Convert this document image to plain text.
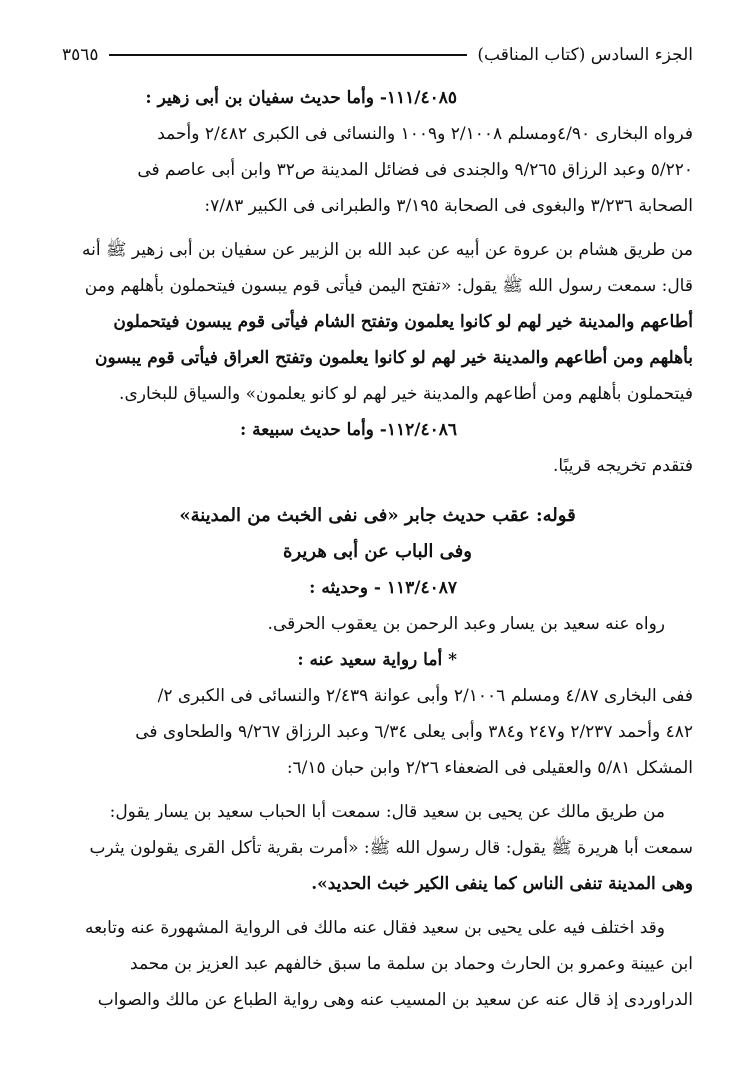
الجزء السادس (كتاب المناقب)
٣٥٦٥
١١١/٤٠٨٥- وأما حديث سفيان بن أبى زهير :
فرواه البخارى ٤/٩٠ومسلم ٢/١٠٠٨ و١٠٠٩ والنسائى فى الكبرى ٢/٤٨٢ وأحمد
٥/٢٢٠ وعبد الرزاق ٩/٢٦٥ والجندى فى فضائل المدينة ص٣٢ وابن أبى عاصم فى
الصحابة ٣/٢٣٦ والبغوى فى الصحابة ٣/١٩٥ والطبرانى فى الكبير ٧/٨٣:
من طريق هشام بن عروة عن أبيه عن عبد الله بن الزبير عن سفيان بن أبى زهير ﷺ أنه
قال: سمعت رسول الله ﷺ يقول: «تفتح اليمن فيأتى قوم يبسون فيتحملون بأهلهم ومن
أطاعهم والمدينة خير لهم لو كانوا يعلمون وتفتح الشام فيأتى قوم يبسون فيتحملون
بأهلهم ومن أطاعهم والمدينة خير لهم لو كانوا يعلمون وتفتح العراق فيأتى قوم يبسون
فيتحملون بأهلهم ومن أطاعهم والمدينة خير لهم لو كانو يعلمون» والسياق للبخارى.
١١٢/٤٠٨٦- وأما حديث سبيعة :
فتقدم تخريجه قريبًا.
قوله: عقب حديث جابر «فى نفى الخبث من المدينة»
وفى الباب عن أبى هريرة
١١٣/٤٠٨٧ - وحديثه :
رواه عنه سعيد بن يسار وعبد الرحمن بن يعقوب الحرقى.
* أما رواية سعيد عنه :
ففى البخارى ٤/٨٧ ومسلم ٢/١٠٠٦ وأبى عوانة ٢/٤٣٩ والنسائى فى الكبرى ٢/
٤٨٢ وأحمد ٢/٢٣٧ و٢٤٧ و٣٨٤ وأبى يعلى ٦/٣٤ وعبد الرزاق ٩/٢٦٧ والطحاوى فى
المشكل ٥/٨١ والعقيلى فى الضعفاء ٢/٢٦ وابن حبان ٦/١٥:
من طريق مالك عن يحيى بن سعيد قال: سمعت أبا الحباب سعيد بن يسار يقول:
سمعت أبا هريرة ﷺ يقول: قال رسول الله ﷺ: «أمرت بقرية تأكل القرى يقولون يثرب
وهى المدينة تنفى الناس كما ينفى الكير خبث الحديد».
وقد اختلف فيه على يحيى بن سعيد فقال عنه مالك فى الرواية المشهورة عنه وتابعه
ابن عيينة وعمرو بن الحارث وحماد بن سلمة ما سبق خالفهم عبد العزيز بن محمد
الدراوردى إذ قال عنه عن سعيد بن المسيب عنه وهى رواية الطباع عن مالك والصواب
